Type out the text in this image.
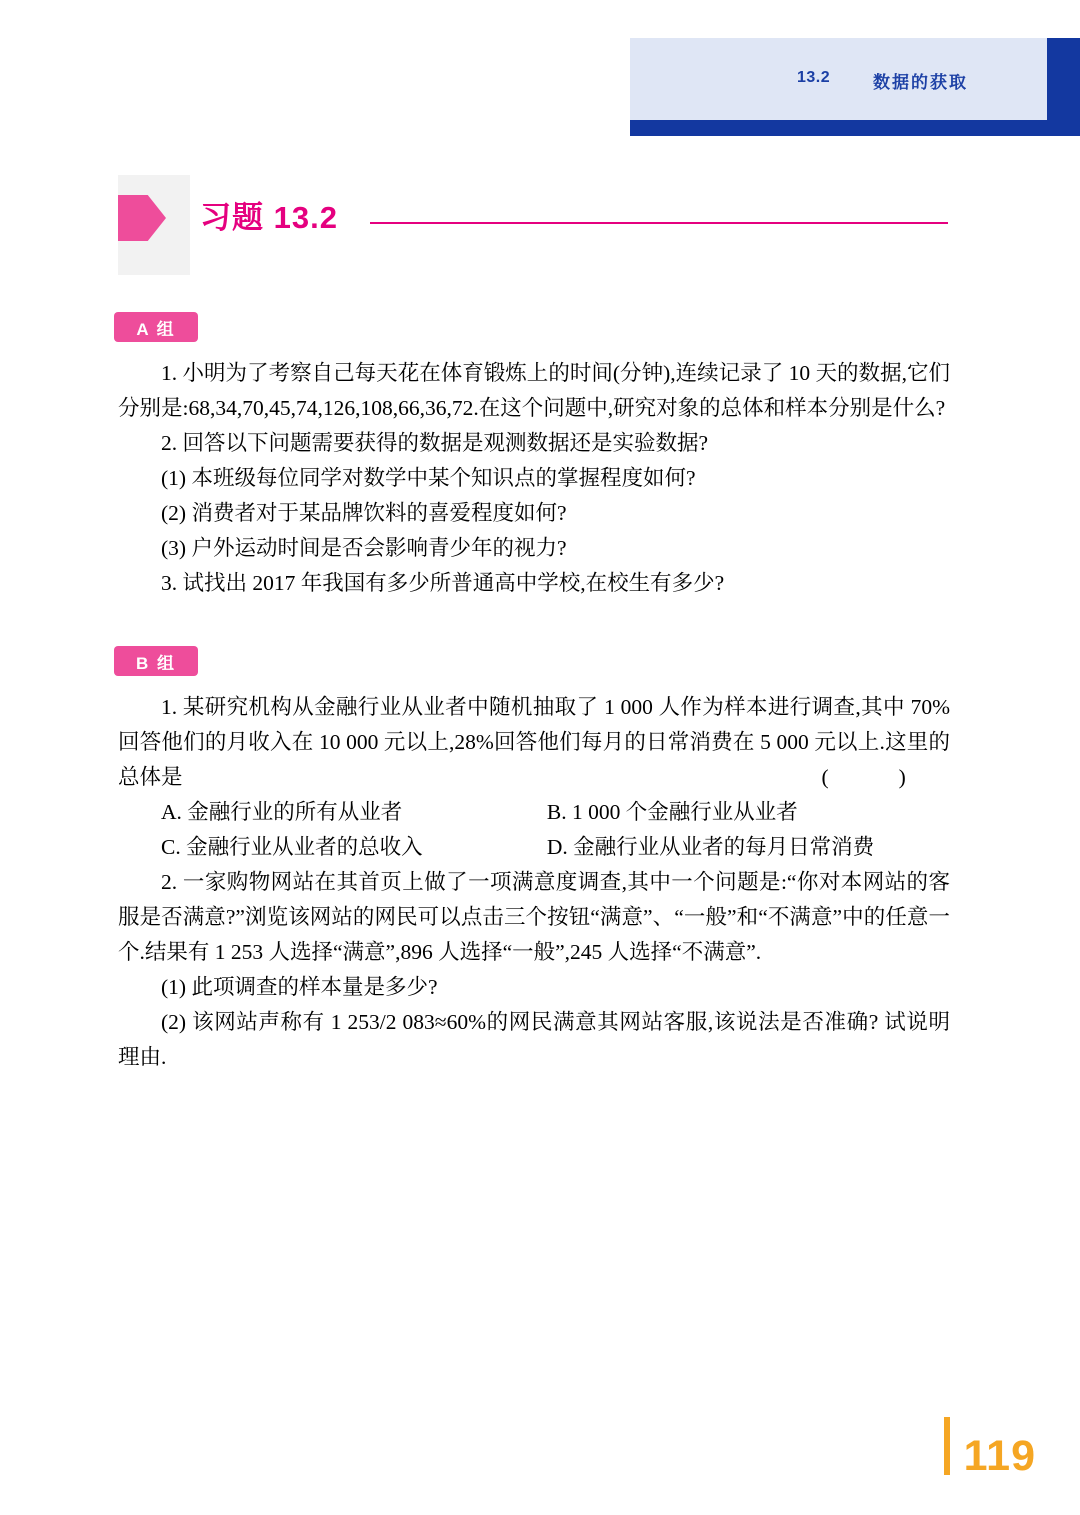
13.2	数据的获取
习题 13.2
A 组

1. 小明为了考察自己每天花在体育锻炼上的时间(分钟),连续记录了 10 天的数据,它们分别是:68,34,70,45,74,126,108,66,36,72.在这个问题中,研究对象的总体和样本分别是什么?

2. 回答以下问题需要获得的数据是观测数据还是实验数据?

(1) 本班级每位同学对数学中某个知识点的掌握程度如何?

(2) 消费者对于某品牌饮料的喜爱程度如何?

(3) 户外运动时间是否会影响青少年的视力?

3. 试找出 2017 年我国有多少所普通高中学校,在校生有多少?

B 组

1. 某研究机构从金融行业从业者中随机抽取了 1 000 人作为样本进行调查,其中 70%回答他们的月收入在 10 000 元以上,28%回答他们每月的日常消费在 5 000 元以上.这里的总体是	( )

A. 金融行业的所有从业者	B. 1 000 个金融行业从业者
C. 金融行业从业者的总收入	D. 金融行业从业者的每月日常消费

2. 一家购物网站在其首页上做了一项满意度调查,其中一个问题是:“你对本网站的客服是否满意?”浏览该网站的网民可以点击三个按钮“满意”、“一般”和“不满意”中的任意一个.结果有 1 253 人选择“满意”,896 人选择“一般”,245 人选择“不满意”.

(1) 此项调查的样本量是多少?

(2) 该网站声称有 1 253/2 083≈60%的网民满意其网站客服,该说法是否准确? 试说明理由.

119
